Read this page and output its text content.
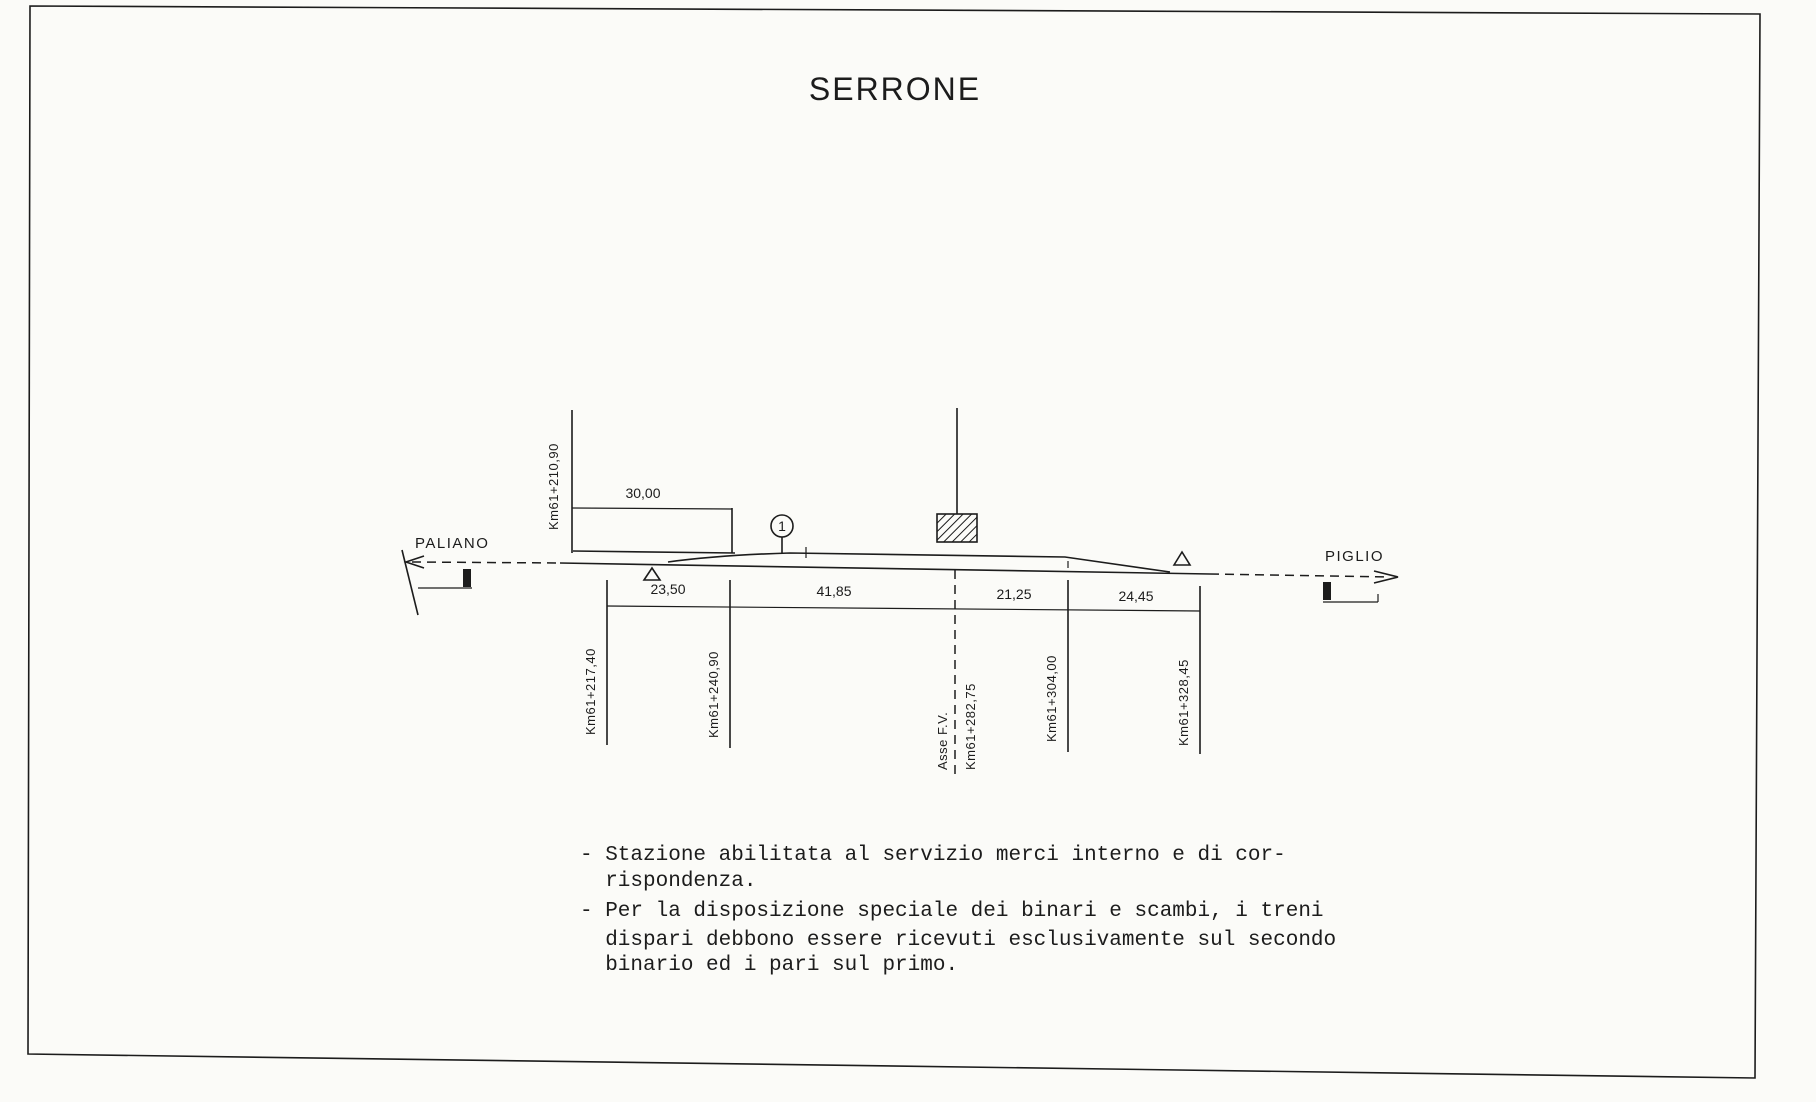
SERRONE
1
PALIANO
PIGLIO
Km61+210,90	30,00
23,50	41,85	21,25	24,45
Km61+217,40	Km61+240,90
Asse F.V. Km61+282,75	Km61+304,00	Km61+328,45
- Stazione abilitata al servizio merci interno e di cor-
rispondenza.
- Per la disposizione speciale dei binari e scambi, i treni
dispari debbono essere ricevuti esclusivamente sul secondo
binario ed i pari sul primo.
